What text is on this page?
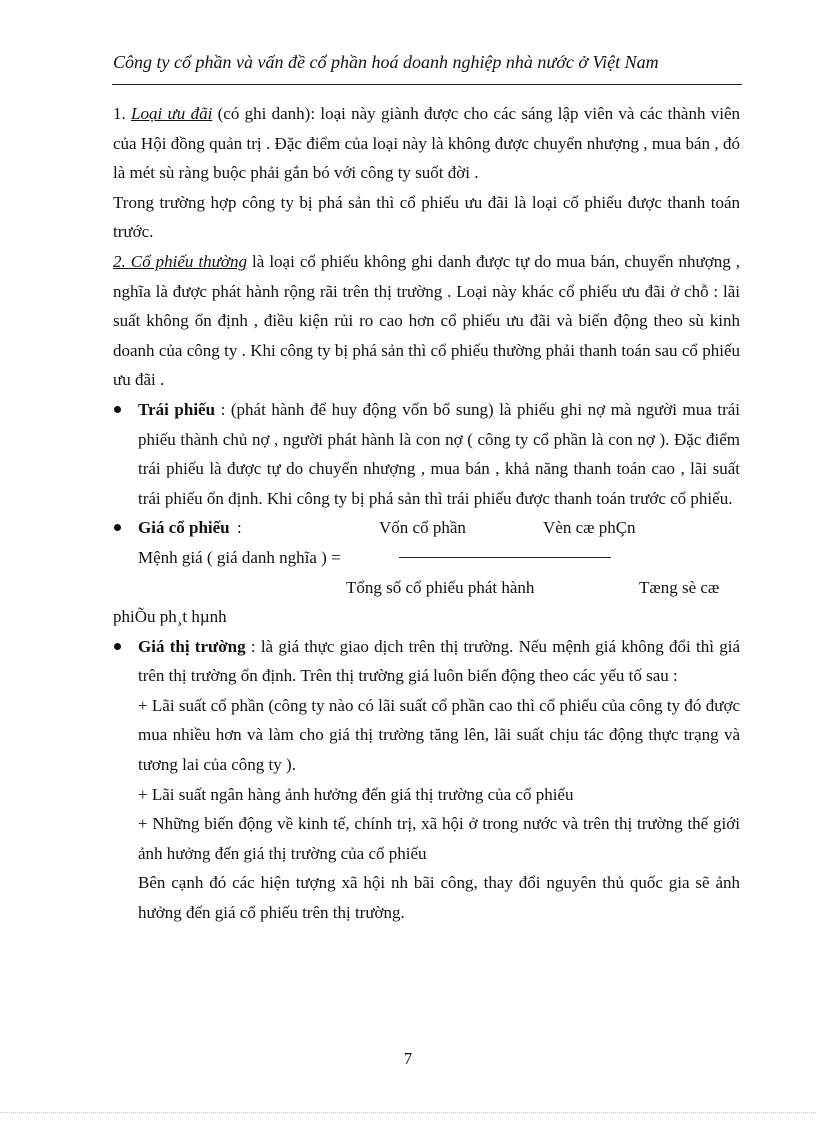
Công ty cổ phần và vấn đề cổ phần hoá doanh nghiệp nhà nước ở Việt Nam

1. Loại ưu đãi (có ghi danh): loại này giành được cho các sáng lập viên và các thành viên của Hội đồng quản trị . Đặc điểm của loại này là không được chuyển nhượng , mua bán , đó là mét sù ràng buộc phải gắn bó với công ty suốt đời .

Trong trường hợp công ty bị phá sản thì cổ phiếu ưu đãi là loại cổ phiếu được thanh toán trước.

2. Cổ phiếu thường là loại cổ phiếu không ghi danh được tự do mua bán, chuyển nhượng , nghĩa là được phát hành rộng rãi trên thị trường . Loại này khác cổ phiếu ưu đãi ở chỗ : lãi suất không ổn định , điều kiện rủi ro cao hơn cổ phiếu ưu đãi và biến động theo sù kinh doanh của công ty . Khi công ty bị phá sản thì cổ phiếu thường phải thanh toán sau cổ phiếu ưu đãi .

Trái phiếu : (phát hành để huy động vốn bổ sung) là phiếu ghi nợ mà người mua trái phiếu thành chủ nợ , người phát hành là con nợ ( công ty cổ phần là con nợ ). Đặc điểm trái phiếu là được tự do chuyển nhượng , mua bán , khả năng thanh toán cao , lãi suất trái phiếu ổn định. Khi công ty bị phá sản thì trái phiếu được thanh toán trước cổ phiếu.

Giá cổ phiếu :	Vốn cổ phần	Vèn cæ phÇn
Mệnh giá ( giá danh nghĩa ) =
Tổng số cổ phiếu phát hành	Tæng sè cæ

phiÕu ph¸t hµnh

Giá thị trường : là giá thực giao dịch trên thị trường. Nếu mệnh giá không đổi thì giá trên thị trường ổn định. Trên thị trường giá luôn biến động theo các yếu tố sau :

+ Lãi suất cổ phần (công ty nào có lãi suất cổ phần cao thì cổ phiếu của công ty đó được mua nhiều hơn và làm cho giá thị trường tăng lên, lãi suất chịu tác động thực trạng và tương lai của công ty ).

+ Lãi suất ngân hàng ảnh hưởng đến giá thị trường của cổ phiếu

+ Những biến động về kinh tế, chính trị, xã hội ở trong nước và trên thị trường thế giới ảnh hưởng đến giá thị trường của cổ phiếu

Bên cạnh đó các hiện tượng xã hội nh bãi công, thay đổi nguyên thủ quốc gia sẽ ảnh hưởng đến giá cổ phiếu trên thị trường.

7
